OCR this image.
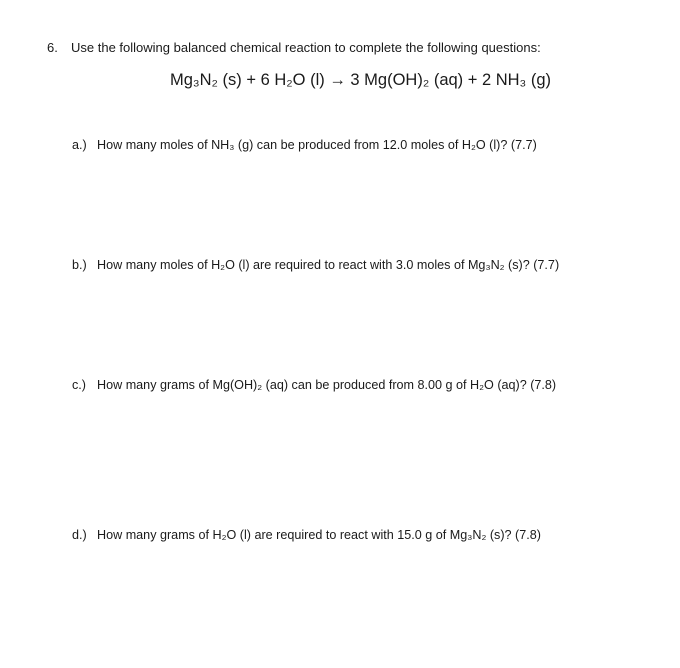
6. Use the following balanced chemical reaction to complete the following questions:
Mg₃N₂ (s) + 6 H₂O (l) → 3 Mg(OH)₂ (aq) + 2 NH₃ (g)
a.) How many moles of NH₃ (g) can be produced from 12.0 moles of H₂O (l)? (7.7)
b.) How many moles of H₂O (l) are required to react with 3.0 moles of Mg₃N₂ (s)? (7.7)
c.) How many grams of Mg(OH)₂ (aq) can be produced from 8.00 g of H₂O (aq)? (7.8)
d.) How many grams of H₂O (l) are required to react with 15.0 g of Mg₃N₂ (s)? (7.8)
